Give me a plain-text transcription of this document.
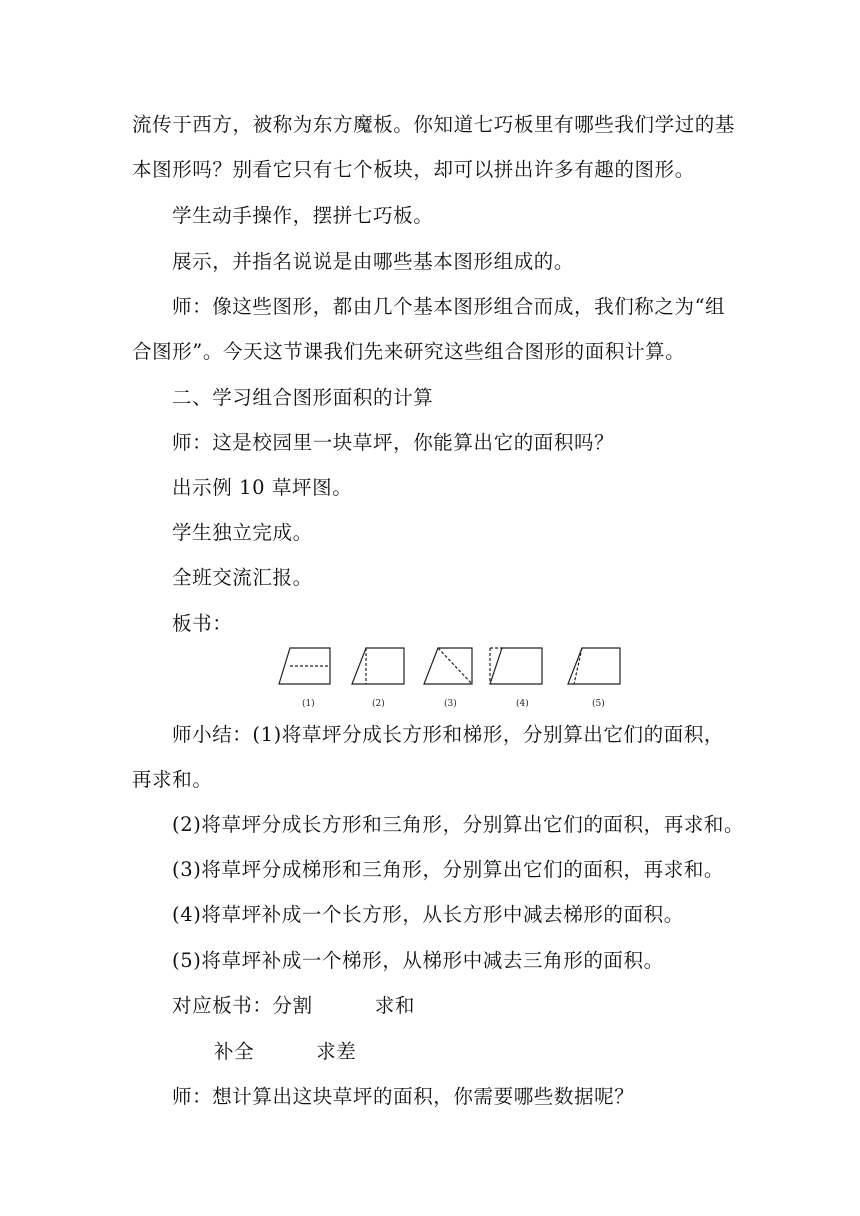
流传于西方，被称为东方魔板。你知道七巧板里有哪些我们学过的基
本图形吗？别看它只有七个板块，却可以拼出许多有趣的图形。
学生动手操作，摆拼七巧板。
展示，并指名说说是由哪些基本图形组成的。
师：像这些图形，都由几个基本图形组合而成，我们称之为“组
合图形”。今天这节课我们先来研究这些组合图形的面积计算。
二、学习组合图形面积的计算
师：这是校园里一块草坪，你能算出它的面积吗？
出示例 10 草坪图。
学生独立完成。
全班交流汇报。
板书：
(1)	(2)	(3)	(4)	(5)
师小结：(1)将草坪分成长方形和梯形，分别算出它们的面积，
再求和。
(2)将草坪分成长方形和三角形，分别算出它们的面积，再求和。
(3)将草坪分成梯形和三角形，分别算出它们的面积，再求和。
(4)将草坪补成一个长方形，从长方形中减去梯形的面积。
(5)将草坪补成一个梯形，从梯形中减去三角形的面积。
对应板书：分割	求和
补全	求差
师：想计算出这块草坪的面积，你需要哪些数据呢？
